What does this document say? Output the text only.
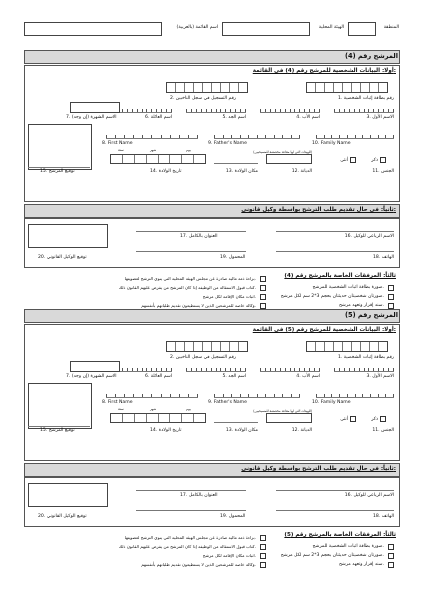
المنطقة
الهيئة المحلية
اسم القائمة (بالعربية)
المرشح رقم (4)
أولا: البيانات الشخصية للمرشح رقم (4) في القائمة:
1. رقم بطاقة إثبات الشخصية
2. رقم التسجيل في سجل الناخبين
3. الاسم الأول
4. اسم الأب
5. اسم الجد
6. اسم العائلة
7. الاسم الشهرة (إن وجد)
10. Family Name
9. Father's Name
8. First Name
ذكر
أنثى
11. الجنس
(للهيئات التي لها مقاعد مخصصة للمسيحيين)
12. الديانة
13. مكان الولادة
يوم
شهر
سنة
14. تاريخ الولادة
15. توقيع المرشح
ثانياً: في حال تقديم طلب الترشح بواسطة وكيل قانوني:
16. الاسم الرباعي للوكيل
17. العنوان بالكامل
20. توقيع الوكيل القانوني	18. الهاتف
19. المحمول
ثالثاً: المرفقات الخاصة بالمرشح رقم (4)
صورة بطاقة اثبات الشخصية للمرشح.
صورتان شخصيتان حديثتان بحجم 3*2 سم لكل مرشح.
سند إقرار وتعهد مرشح.
براءة ذمة مالية صادرة عن مجلس الهيئة المحلية التي ينوي الترشح لعضويتها.
كتاب قبول الاستقالة من الوظيفة إذا كان المرشح من يفرض عليهم القانون ذلك.
اثبات مكان الإقامة لكل مرشح.
وكالة خاصة للمرشحين الذين لا يستطيعون تقديم طلباتهم بأنفسهم.
المرشح رقم (5)
أولا: البيانات الشخصية للمرشح رقم (5) في القائمة:
1. رقم بطاقة إثبات الشخصية
2. رقم التسجيل في سجل الناخبين
3. الاسم الأول
4. اسم الأب
5. اسم الجد
6. اسم العائلة
7. الاسم الشهرة (إن وجد)
10. Family Name
9. Father's Name
8. First Name
ذكر
أنثى
11. الجنس
(للهيئات التي لها مقاعد مخصصة للمسيحيين)
12. الديانة
13. مكان الولادة
يوم
شهر
سنة
14. تاريخ الولادة
15. توقيع المرشح
ثانياً: في حال تقديم طلب الترشح بواسطة وكيل قانوني:
16. الاسم الرباعي للوكيل
17. العنوان بالكامل
20. توقيع الوكيل القانوني	18. الهاتف
19. المحمول
ثالثاً: المرفقات الخاصة بالمرشح رقم (5)
صورة بطاقة اثبات الشخصية للمرشح.
صورتان شخصيتان حديثتان بحجم 3*2 سم لكل مرشح.
سند إقرار وتعهد مرشح.
براءة ذمة مالية صادرة عن مجلس الهيئة المحلية التي ينوي الترشح لعضويتها.
كتاب قبول الاستقالة من الوظيفة إذا كان المرشح من يفرض عليهم القانون ذلك.
اثبات مكان الإقامة لكل مرشح.
وكالة خاصة للمرشحين الذين لا يستطيعون تقديم طلباتهم بأنفسهم.
